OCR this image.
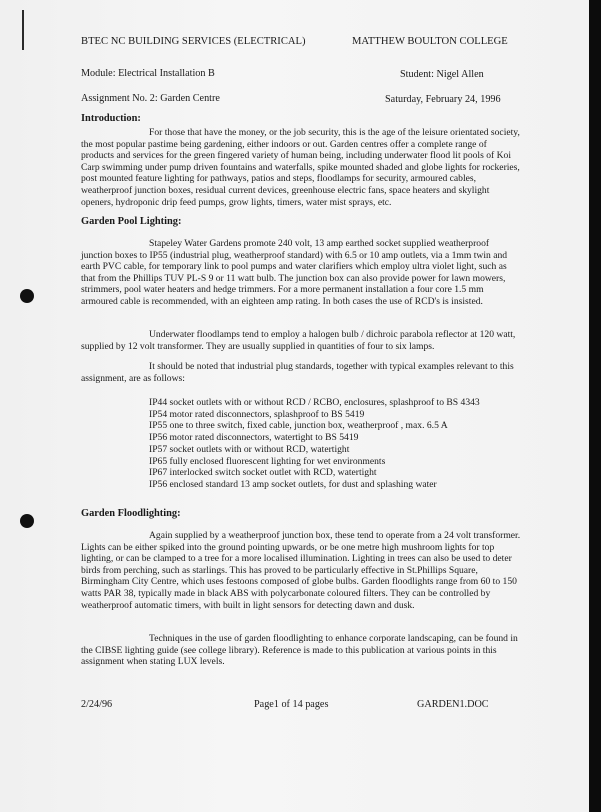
BTEC NC BUILDING SERVICES (ELECTRICAL)	MATTHEW BOULTON COLLEGE
Module: Electrical Installation B	Student: Nigel Allen
Assignment No. 2: Garden Centre	Saturday, February 24, 1996
Introduction:
For those that have the money, or the job security, this is the age of the leisure orientated society, the most popular pastime being gardening, either indoors or out. Garden centres offer a complete range of products and services for the green fingered variety of human being, including underwater flood lit pools of Koi Carp swimming under pump driven fountains and waterfalls, spike mounted shaded and globe lights for rockeries, post mounted feature lighting for pathways, patios and steps, floodlamps for security, armoured cables, weatherproof junction boxes, residual current devices, greenhouse electric fans, space heaters and skylight openers, hydroponic drip feed pumps, grow lights, timers, water mist sprays, etc.
Garden Pool Lighting:
Stapeley Water Gardens promote 240 volt, 13 amp earthed socket supplied weatherproof junction boxes to IP55 (industrial plug, weatherproof standard) with 6.5 or 10 amp outlets, via a 1mm twin and earth PVC cable, for temporary link to pool pumps and water clarifiers which employ ultra violet light, such as that from the Phillips TUV PL-S 9 or 11 watt bulb. The junction box can also provide power for lawn mowers, strimmers, pool water heaters and hedge trimmers. For a more permanent installation a four core 1.5 mm armoured cable is recommended, with an eighteen amp rating. In both cases the use of RCD's is insisted.
Underwater floodlamps tend to employ a halogen bulb / dichroic parabola reflector at 120 watt, supplied by 12 volt transformer. They are usually supplied in quantities of four to six lamps.
It should be noted that industrial plug standards, together with typical examples relevant to this assignment, are as follows:
IP44 socket outlets with or without RCD / RCBO, enclosures, splashproof to BS 4343
IP54 motor rated disconnectors, splashproof to BS 5419
IP55 one to three switch, fixed cable, junction box, weatherproof , max. 6.5 A
IP56 motor rated disconnectors, watertight to BS 5419
IP57 socket outlets with or without RCD, watertight
IP65 fully enclosed fluorescent lighting for wet environments
IP67 interlocked switch socket outlet with RCD, watertight
IP56 enclosed standard 13 amp socket outlets, for dust and splashing water
Garden Floodlighting:
Again supplied by a weatherproof junction box, these tend to operate from a 24 volt transformer. Lights can be either spiked into the ground pointing upwards, or be one metre high mushroom lights for top lighting, or can be clamped to a tree for a more localised illumination. Lighting in trees can also be used to deter birds from perching, such as starlings. This has proved to be particularly effective in St.Phillips Square, Birmingham City Centre, which uses festoons composed of globe bulbs. Garden floodlights range from 60 to 150 watts PAR 38, typically made in black ABS with polycarbonate coloured filters. They can be controlled by weatherproof automatic timers, with built in light sensors for detecting dawn and dusk.
Techniques in the use of garden floodlighting to enhance corporate landscaping, can be found in the CIBSE lighting guide (see college library). Reference is made to this publication at various points in this assignment when stating LUX levels.
2/24/96	Page1 of 14 pages	GARDEN1.DOC
